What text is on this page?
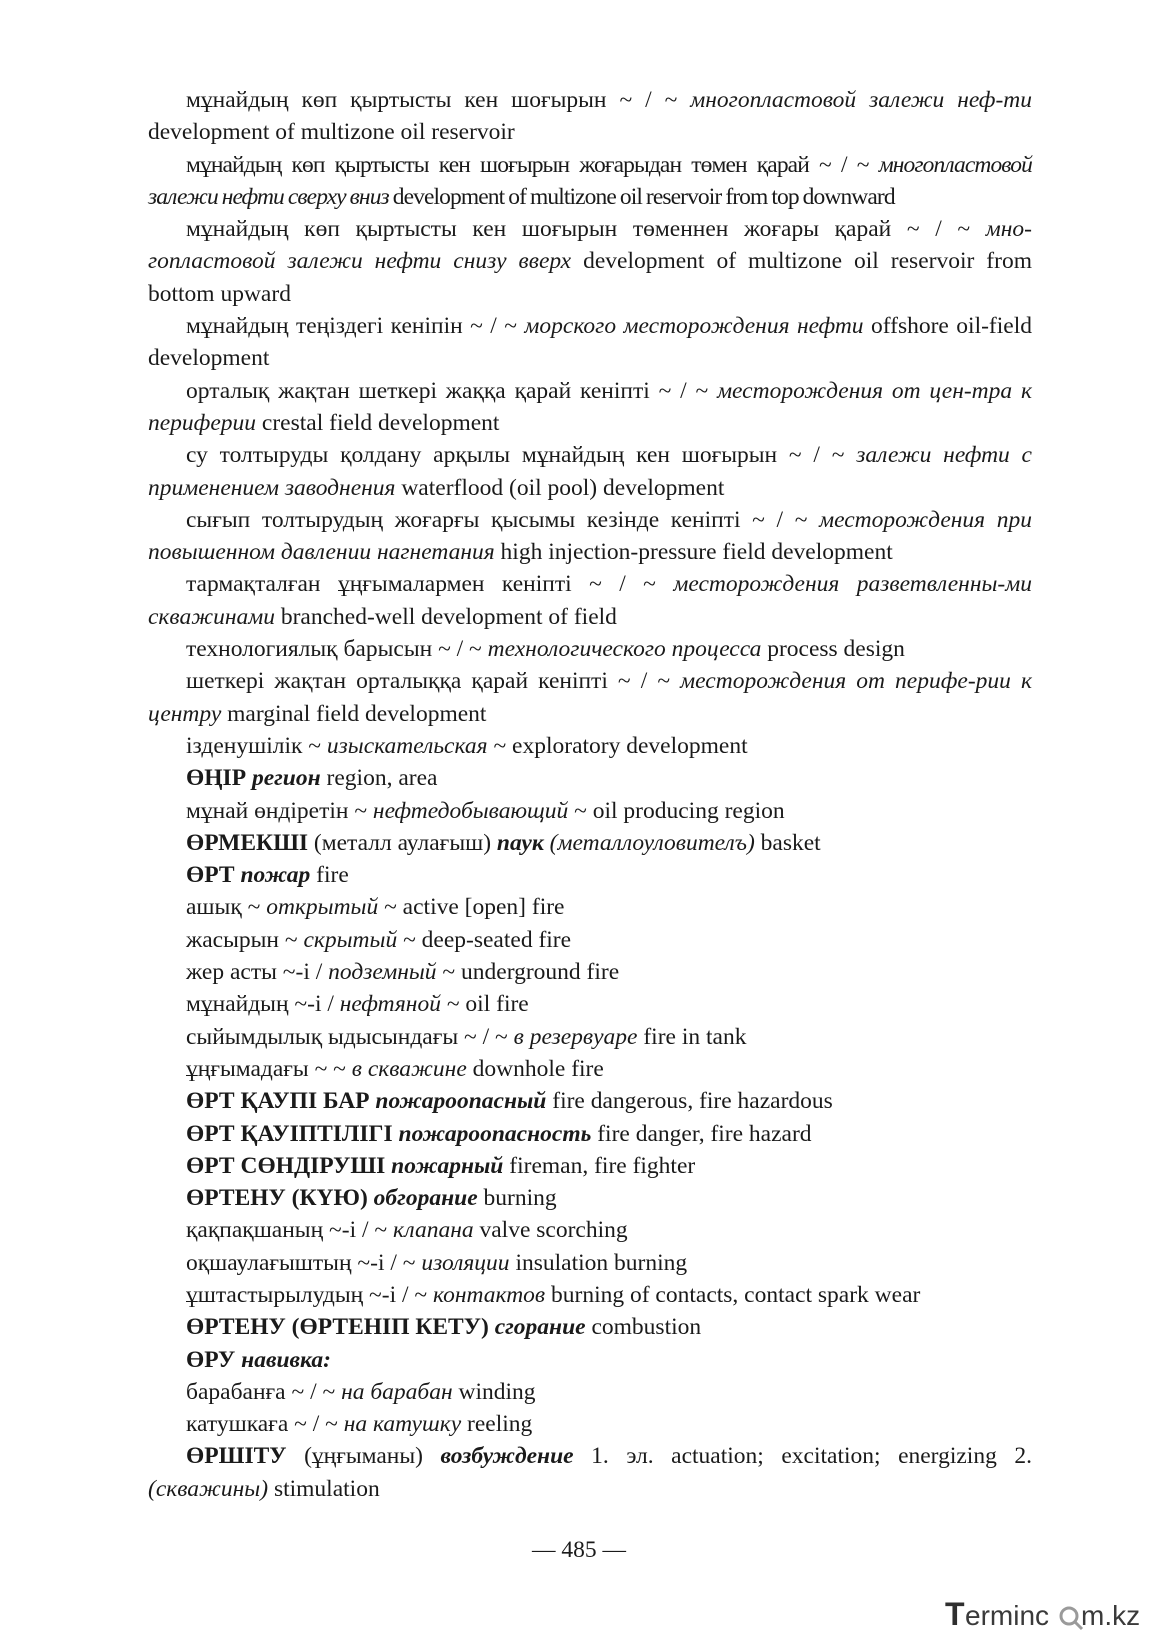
мұнайдың көп қыртысты кен шоғырын ~ / ~ многопластовой залежи неф-ти development of multizone oil reservoir

мұнайдың көп қыртысты кен шоғырын жоғарыдан төмен қарай ~ / ~ многопластовой залежи нефти сверху вниз development of multizone oil reservoir from top downward

мұнайдың көп қыртысты кен шоғырын төменнен жоғары қарай ~ / ~ мно-гопластовой залежи нефти снизу вверх development of multizone oil reservoir from bottom upward

мұнайдың теңіздегі кеніпін ~ / ~ морского месторождения нефти offshore oil-field development

орталық жақтан шеткері жаққа қарай кеніпті ~ / ~ месторождения от цен-тра к периферии crestal field development

су толтыруды қолдану арқылы мұнайдың кен шоғырын ~ / ~ залежи нефти с применением заводнения waterflood (oil pool) development

сығып толтырудың жоғарғы қысымы кезінде кеніпті ~ / ~ месторождения при повышенном давлении нагнетания high injection-pressure field development

тармақталған ұңғымалармен кеніпті ~ / ~ месторождения разветвленны-ми скважинами branched-well development of field

технологиялық барысын ~ / ~ технологического процесса process design

шеткері жақтан орталыққа қарай кеніпті ~ / ~ месторождения от перифе-рии к центру marginal field development

ізденушілік ~ изыскательская ~ exploratory development

ӨҢІР регион region, area

мұнай өндіретін ~ нефтедобывающий ~ oil producing region

ӨРМЕКШІ (металл аулағыш) паук (металлоуловителъ) basket

ӨРТ пожар fire

ашық ~ открытый ~ active [open] fire

жасырын ~ скрытый ~ deep-seated fire

жер асты ~-і / подземный ~ underground fire

мұнайдың ~-і / нефтяной ~ oil fire

сыйымдылық ыдысындағы ~ / ~ в резервуаре fire in tank

ұңғымадағы ~ ~ в скважине downhole fire

ӨРТ ҚАУПІ БАР пожароопасный fire dangerous, fire hazardous

ӨРТ ҚАУІПТІЛІГІ пожароопасность fire danger, fire hazard

ӨРТ СӨНДІРУШІ пожарный fireman, fire fighter

ӨРТЕНУ (КҮЮ) обгорание burning

қақпақшаның ~-і / ~ клапана valve scorching

оқшаулағыштың ~-і / ~ изоляции insulation burning

ұштастырылудың ~-і / ~ контактов burning of contacts, contact spark wear

ӨРТЕНУ (ӨРТЕНІП КЕТУ) сгорание combustion

ӨРУ навивка:

барабанға ~ / ~ на барабан winding

катушкаға ~ / ~ на катушку reeling

ӨРШІТУ (ұңғыманы) возбуждение 1. эл. actuation; excitation; energizing 2. (скважины) stimulation

— 485 —
T erminc m.kz
